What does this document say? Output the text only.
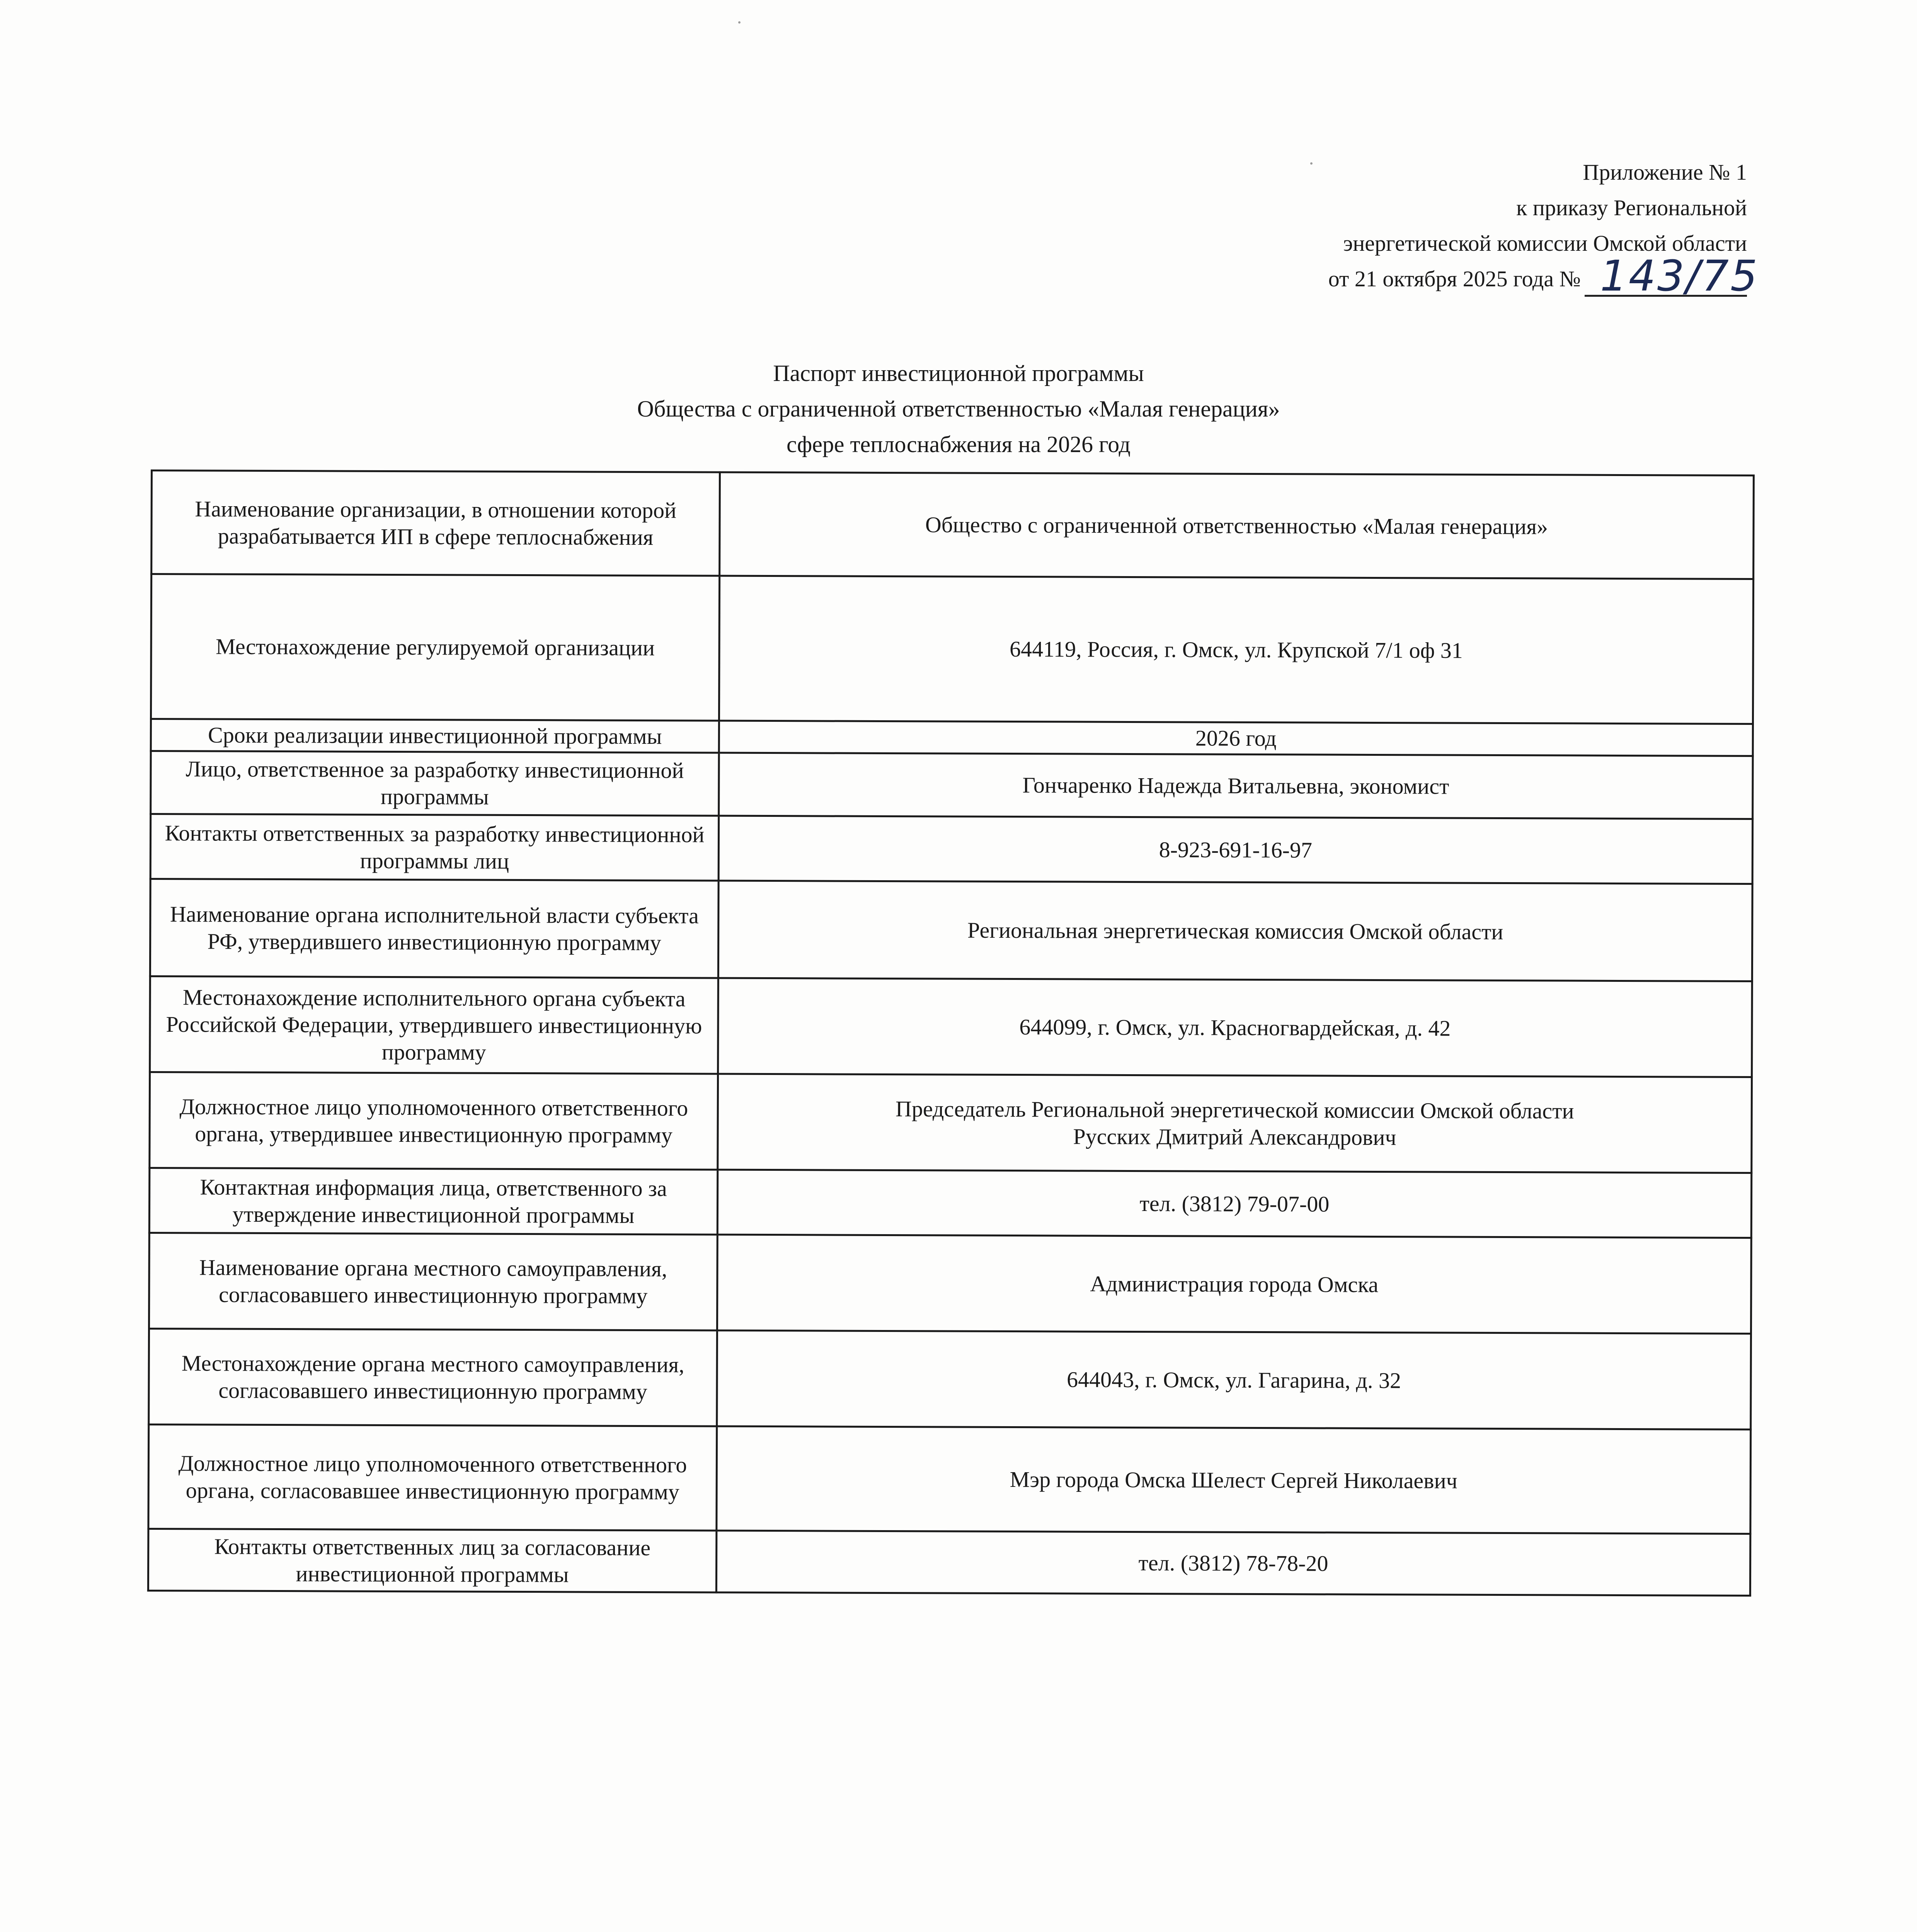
Приложение № 1
к приказу Региональной
энергетической комиссии Омской области
от 21 октября 2025 года № 143/75
Паспорт инвестиционной программы
Общества с ограниченной ответственностью «Малая генерация»
сфере теплоснабжения на 2026 год
Наименование организации, в отношении которой разрабатывается ИП в сфере теплоснабжения	Общество с ограниченной ответственностью «Малая генерация»
Местонахождение регулируемой организации	644119, Россия, г. Омск, ул. Крупской 7/1 оф 31
Сроки реализации инвестиционной программы	2026 год
Лицо, ответственное за разработку инвестиционной программы	Гончаренко Надежда Витальевна, экономист
Контакты ответственных за разработку инвестиционной программы лиц	8-923-691-16-97
Наименование органа исполнительной власти субъекта РФ, утвердившего инвестиционную программу	Региональная энергетическая комиссия Омской области
Местонахождение исполнительного органа субъекта Российской Федерации, утвердившего инвестиционную программу	644099, г. Омск, ул. Красногвардейская, д. 42
Должностное лицо уполномоченного ответственного органа, утвердившее инвестиционную программу	Председатель Региональной энергетической комиссии Омской области
Русских Дмитрий Александрович

Контактная информация лица, ответственного за утверждение инвестиционной программы	тел. (3812) 79-07-00
Наименование органа местного самоуправления, согласовавшего инвестиционную программу	Администрация города Омска
Местонахождение органа местного самоуправления, согласовавшего инвестиционную программу	644043, г. Омск, ул. Гагарина, д. 32
Должностное лицо уполномоченного ответственного органа, согласовавшее инвестиционную программу	Мэр города Омска Шелест Сергей Николаевич
Контакты ответственных лиц за согласование инвестиционной программы	тел. (3812) 78-78-20
